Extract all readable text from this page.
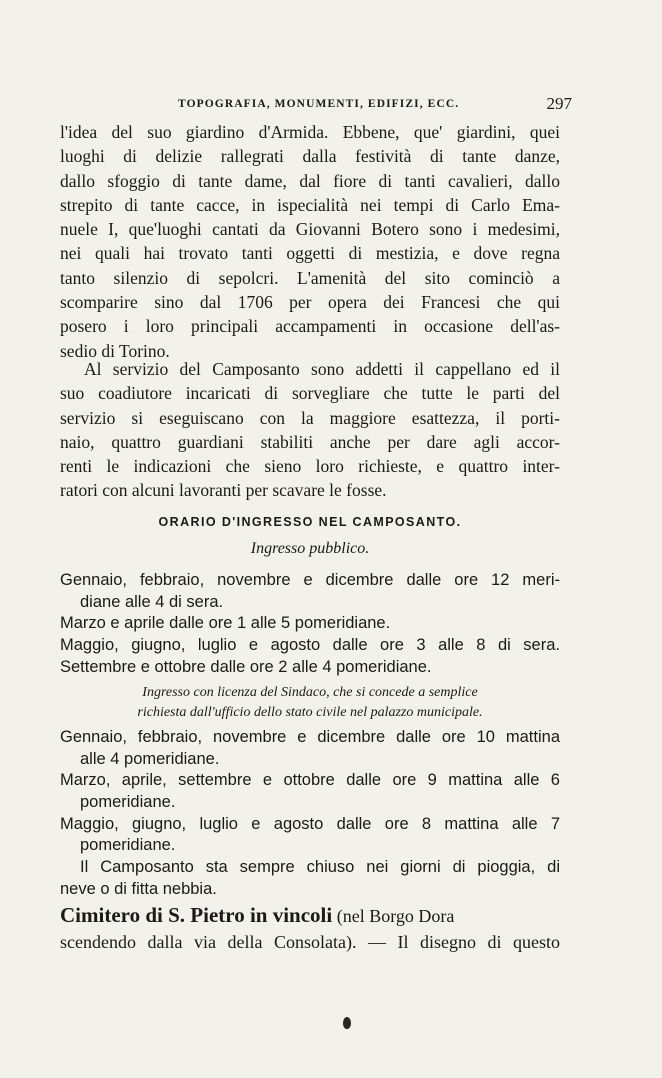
TOPOGRAFIA, MONUMENTI, EDIFIZI, ECC.	297
l'idea del suo giardino d'Armida. Ebbene, que' giardini, quei
luoghi di delizie rallegrati dalla festività di tante danze,
dallo sfoggio di tante dame, dal fiore di tanti cavalieri, dallo
strepito di tante cacce, in ispecialità nei tempi di Carlo Ema-
nuele I, que'luoghi cantati da Giovanni Botero sono i medesimi,
nei quali hai trovato tanti oggetti di mestizia, e dove regna
tanto silenzio di sepolcri. L'amenità del sito cominciò a
scomparire sino dal 1706 per opera dei Francesi che qui
posero i loro principali accampamenti in occasione dell'as-
sedio di Torino.
Al servizio del Camposanto sono addetti il cappellano ed il
suo coadiutore incaricati di sorvegliare che tutte le parti del
servizio si eseguiscano con la maggiore esattezza, il porti-
naio, quattro guardiani stabiliti anche per dare agli accor-
renti le indicazioni che sieno loro richieste, e quattro inter-
ratori con alcuni lavoranti per scavare le fosse.
ORARIO D'INGRESSO NEL CAMPOSANTO.
Ingresso pubblico.
Gennaio, febbraio, novembre e dicembre dalle ore 12 meri-
diane alle 4 di sera.
Marzo e aprile dalle ore 1 alle 5 pomeridiane.
Maggio, giugno, luglio e agosto dalle ore 3 alle 8 di sera.
Settembre e ottobre dalle ore 2 alle 4 pomeridiane.
Ingresso con licenza del Sindaco, che si concede a semplice
richiesta dall'ufficio dello stato civile nel palazzo municipale.
Gennaio, febbraio, novembre e dicembre dalle ore 10 mattina
alle 4 pomeridiane.
Marzo, aprile, settembre e ottobre dalle ore 9 mattina alle 6
pomeridiane.
Maggio, giugno, luglio e agosto dalle ore 8 mattina alle 7
pomeridiane.
Il Camposanto sta sempre chiuso nei giorni di pioggia, di
neve o di fitta nebbia.
Cimitero di S. Pietro in vincoli (nel Borgo Dora
scendendo dalla via della Consolata). — Il disegno di questo
